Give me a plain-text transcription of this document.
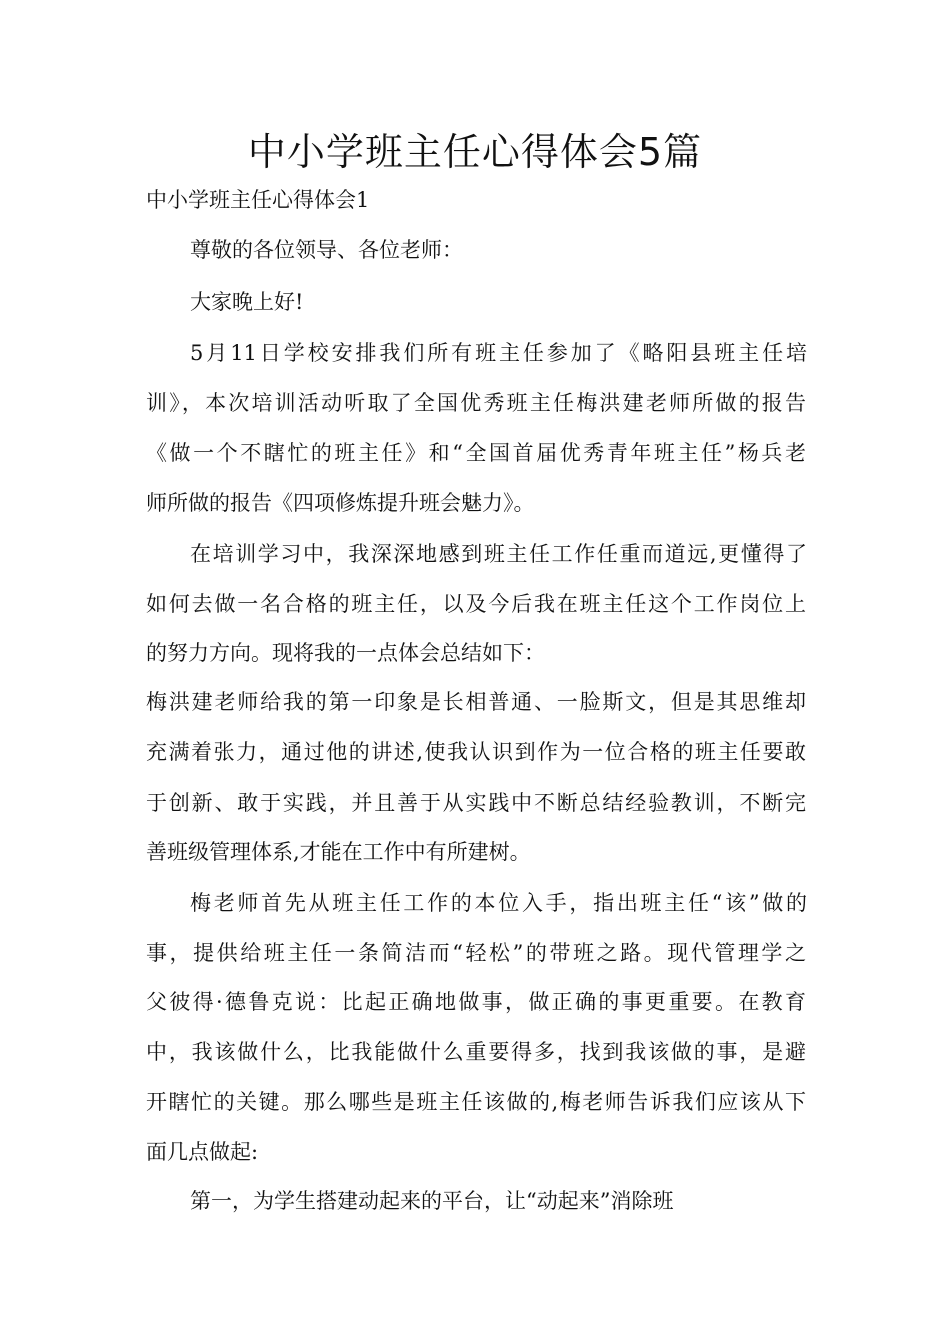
中小学班主任心得体会5篇
中小学班主任心得体会1
尊敬的各位领导、各位老师：
大家晚上好!
5月11日学校安排我们所有班主任参加了《略阳县班主任培
训》，本次培训活动听取了全国优秀班主任梅洪建老师所做的报告
《做一个不瞎忙的班主任》和“全国首届优秀青年班主任”杨兵老
师所做的报告《四项修炼提升班会魅力》。
在培训学习中，我深深地感到班主任工作任重而道远,更懂得了
如何去做一名合格的班主任，以及今后我在班主任这个工作岗位上
的努力方向。现将我的一点体会总结如下：
梅洪建老师给我的第一印象是长相普通、一脸斯文，但是其思维却
充满着张力，通过他的讲述,使我认识到作为一位合格的班主任要敢
于创新、敢于实践，并且善于从实践中不断总结经验教训，不断完
善班级管理体系,才能在工作中有所建树。
梅老师首先从班主任工作的本位入手，指出班主任“该”做的
事，提供给班主任一条简洁而“轻松”的带班之路。现代管理学之
父彼得·德鲁克说：比起正确地做事，做正确的事更重要。在教育
中，我该做什么，比我能做什么重要得多，找到我该做的事，是避
开瞎忙的关键。那么哪些是班主任该做的,梅老师告诉我们应该从下
面几点做起:
第一，为学生搭建动起来的平台，让“动起来”消除班
